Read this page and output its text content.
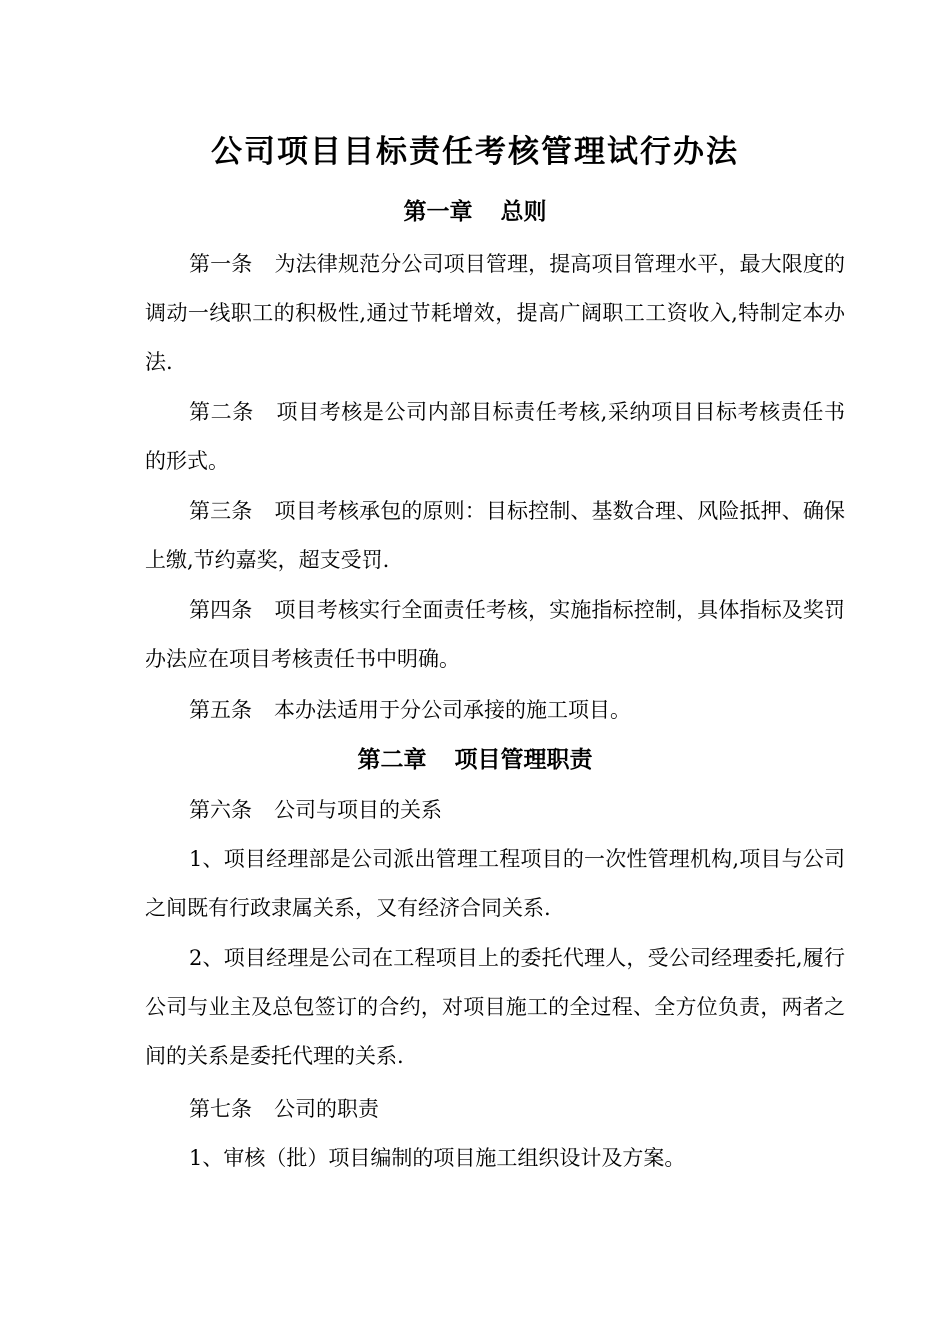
公司项目目标责任考核管理试行办法
第一章 总则
第一条 为法律规范分公司项目管理，提高项目管理水平，最大限度的调动一线职工的积极性,通过节耗增效，提高广阔职工工资收入,特制定本办法.
第二条 项目考核是公司内部目标责任考核,采纳项目目标考核责任书的形式。
第三条 项目考核承包的原则：目标控制、基数合理、风险抵押、确保上缴,节约嘉奖，超支受罚.
第四条 项目考核实行全面责任考核，实施指标控制，具体指标及奖罚办法应在项目考核责任书中明确。
第五条 本办法适用于分公司承接的施工项目。
第二章 项目管理职责
第六条 公司与项目的关系
1、项目经理部是公司派出管理工程项目的一次性管理机构,项目与公司之间既有行政隶属关系，又有经济合同关系.
2、项目经理是公司在工程项目上的委托代理人，受公司经理委托,履行公司与业主及总包签订的合约，对项目施工的全过程、全方位负责，两者之间的关系是委托代理的关系.
第七条 公司的职责
1、审核（批）项目编制的项目施工组织设计及方案。
